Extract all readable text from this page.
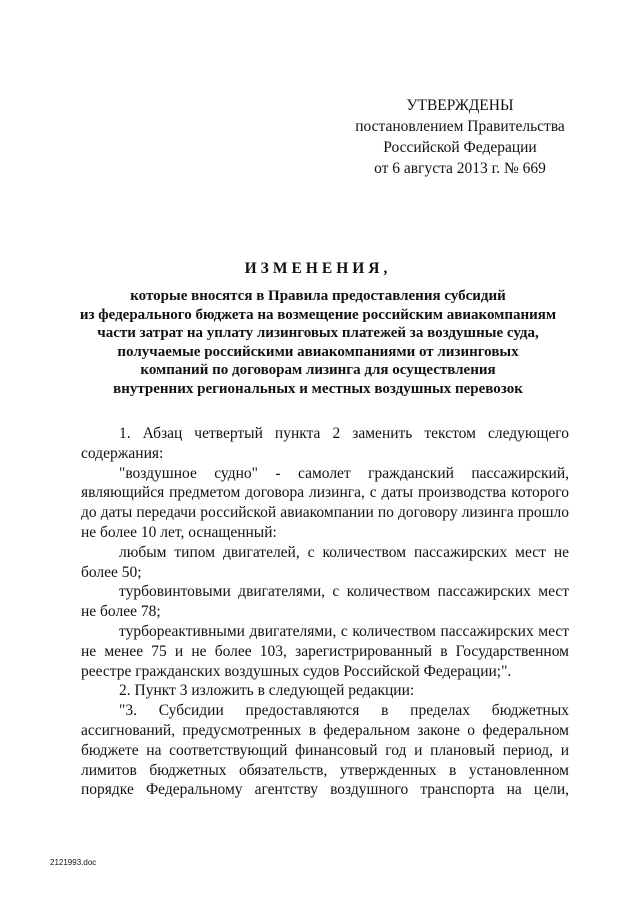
УТВЕРЖДЕНЫ
постановлением Правительства
Российской Федерации
от 6 августа 2013 г. № 669
ИЗМЕНЕНИЯ,
которые вносятся в Правила предоставления субсидий
из федерального бюджета на возмещение российским авиакомпаниям
части затрат на уплату лизинговых платежей за воздушные суда,
получаемые российскими авиакомпаниями от лизинговых
компаний по договорам лизинга для осуществления
внутренних региональных и местных воздушных перевозок

1. Абзац четвертый пункта 2 заменить текстом следующего содержания:

"воздушное судно" - самолет гражданский пассажирский, являющийся предметом договора лизинга, с даты производства которого до даты передачи российской авиакомпании по договору лизинга прошло не более 10 лет, оснащенный:

любым типом двигателей, с количеством пассажирских мест не более 50;

турбовинтовыми двигателями, с количеством пассажирских мест не более 78;

турбореактивными двигателями, с количеством пассажирских мест не менее 75 и не более 103, зарегистрированный в Государственном реестре гражданских воздушных судов Российской Федерации;".

2. Пункт 3 изложить в следующей редакции:

"3. Субсидии предоставляются в пределах бюджетных ассигнований, предусмотренных в федеральном законе о федеральном бюджете на соответствующий финансовый год и плановый период, и лимитов бюджетных обязательств, утвержденных в установленном порядке Федеральному агентству воздушного транспорта на цели,

2121993.doc
